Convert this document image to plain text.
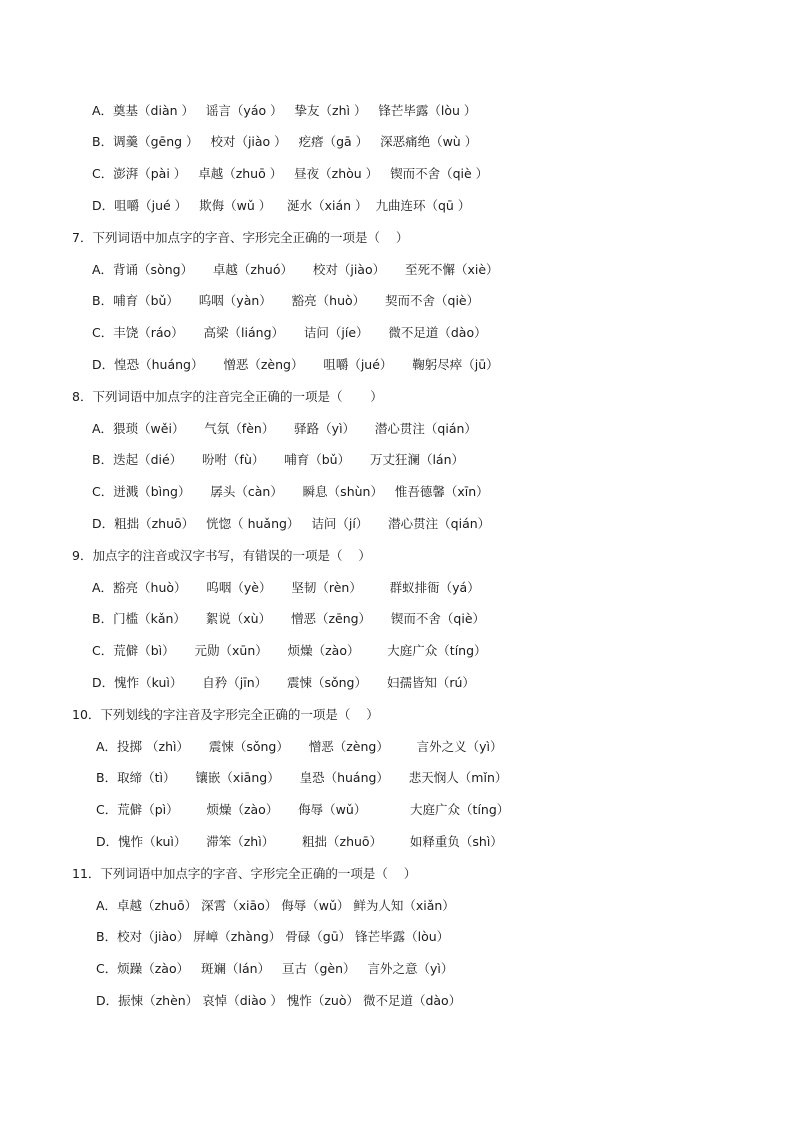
A．奠基（diàn ）   谣言（yáo ）   挚友（zhì ）   锋芒毕露（lòu ）
B．调羹（gēng ）   校对（jiào ）   疙瘩（gā ）   深恶痛绝（wù ）
C．澎湃（pài ）   卓越（zhuō ）   昼夜（zhòu ）   锲而不舍（qiè ）
D．咀嚼（jué ）   欺侮（wǔ ）    涎水（xián ）  九曲连环（qū ）
7．下列词语中加点字的字音、字形完全正确的一项是（    ）
A．背诵（sòng）     卓越（zhuó）     校对（jiào）     至死不懈（xiè）
B．哺育（bǔ）     呜咽（yàn）     豁亮（huò）     契而不舍（qiè）
C．丰饶（ráo）     高梁（liáng）     诘问（jíe）     微不足道（dào）
D．惶恐（huáng）     憎恶（zèng）     咀嚼（jué）     鞠躬尽瘁（jū）
8．下列词语中加点字的注音完全正确的一项是（       ）
A．猥琐（wěi）     气氛（fèn）     驿路（yì）     潜心贯注（qián）
B．迭起（dié）     吩咐（fù）     哺育（bǔ）     万丈狂澜（lán）
C．迸溅（bìng）     孱头（càn）     瞬息（shùn）   惟吾德馨（xīn）
D．粗拙（zhuō）   恍惚（ huǎng）   诘问（jí）     潜心贯注（qián）
9．加点字的注音或汉字书写，有错误的一项是（    ）
A．豁亮（huò）     呜咽（yè）     坚韧（rèn）       群蚁排衙（yá）
B．门槛（kǎn）     絮说（xù）     憎恶（zēng）     锲而不舍（qiè）
C．荒僻（bì）     元勋（xūn）     烦燥（zào）       大庭广众（tíng）
D．愧怍（kuì）     自矜（jīn）     震悚（sǒng）     妇孺皆知（rú）
10．下列划线的字注音及字形完全正确的一项是（    ）
A．投掷 （zhì）     震悚（sǒng）     憎恶（zèng）       言外之义（yì）
B．取缔（tì）     镶嵌（xiāng）     皇恐（huáng）     悲天悯人（mǐn）
C．荒僻（pì）       烦燥（zào）     侮辱（wǔ）           大庭广众（tíng）
D．愧怍（kuì）     滞笨（zhì）       粗拙（zhuō）       如释重负（shì）
11．下列词语中加点字的字音、字形完全正确的一项是（    ）
A．卓越（zhuō） 深霄（xiāo） 侮辱（wǔ） 鲜为人知（xiǎn）
B．校对（jiào） 屏嶂（zhàng） 骨碌（gū） 锋芒毕露（lòu）
C．烦躁（zào）   斑斓（lán）   亘古（gèn）   言外之意（yì）
D．振悚（zhèn） 哀悼（diào ） 愧怍（zuò） 微不足道（dào）
